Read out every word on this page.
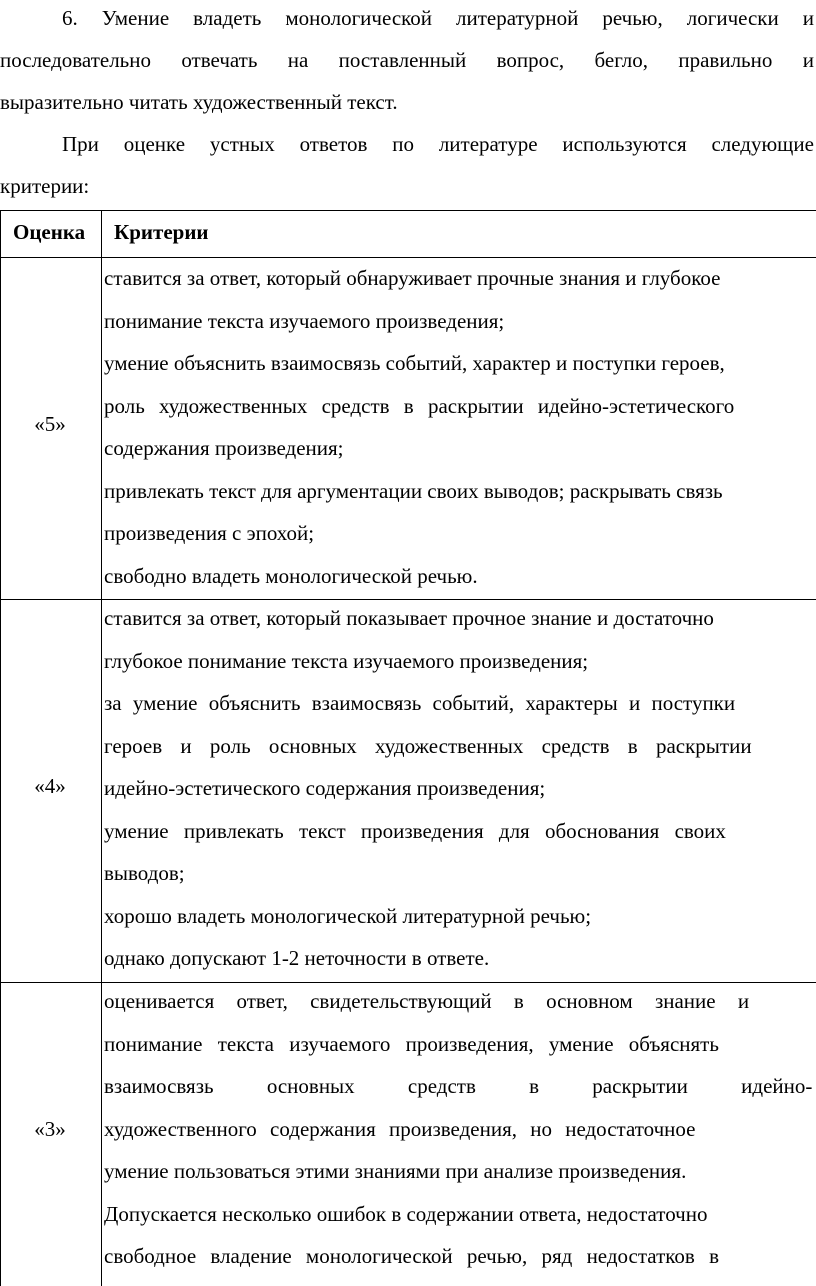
6. Умение владеть монологической литературной речью, логически и
последовательно отвечать на поставленный вопрос, бегло, правильно и
выразительно читать художественный текст.
При оценке устных ответов по литературе используются следующие
критерии:
Оценка Критерии
«5»
ставится за ответ, который обнаруживает прочные знания и глубокое
понимание текста изучаемого произведения;
умение объяснить взаимосвязь событий, характер и поступки героев,
роль художественных средств в раскрытии идейно-эстетического
содержания произведения;
привлекать текст для аргументации своих выводов; раскрывать связь
произведения с эпохой;
свободно владеть монологической речью.
«4»
ставится за ответ, который показывает прочное знание и достаточно
глубокое понимание текста изучаемого произведения;
за умение объяснить взаимосвязь событий, характеры и поступки
героев и роль основных художественных средств в раскрытии
идейно-эстетического содержания произведения;
умение привлекать текст произведения для обоснования своих
выводов;
хорошо владеть монологической литературной речью;
однако допускают 1-2 неточности в ответе.
«3»
оценивается ответ, свидетельствующий в основном знание и
понимание текста изучаемого произведения, умение объяснять
взаимосвязь основных средств в раскрытии идейно-
художественного содержания произведения, но недостаточное
умение пользоваться этими знаниями при анализе произведения.
Допускается несколько ошибок в содержании ответа, недостаточно
свободное владение монологической речью, ряд недостатков в
